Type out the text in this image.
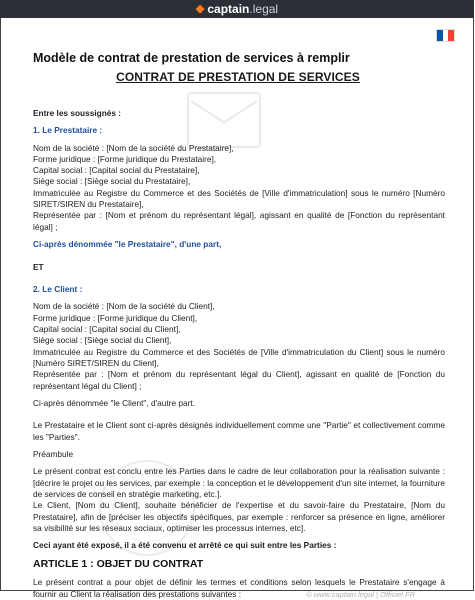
◆ captain.legal
Modèle de contrat de prestation de services à remplir
CONTRAT DE PRESTATION DE SERVICES

Entre les soussignés :

1. Le Prestataire :

Nom de la société : [Nom de la société du Prestataire],

Forme juridique : [Forme juridique du Prestataire],

Capital social : [Capital social du Prestataire],

Siège social : [Siège social du Prestataire],

Immatriculée au Registre du Commerce et des Sociétés de [Ville d'immatriculation] sous le numéro [Numéro SIRET/SIREN du Prestataire],

Représentée par : [Nom et prénom du représentant légal], agissant en qualité de [Fonction du représentant légal] ;

Ci-après dénommée "le Prestataire", d'une part,

ET

2. Le Client :

Nom de la société : [Nom de la société du Client],

Forme juridique : [Forme juridique du Client],

Capital social : [Capital social du Client],

Siège social : [Siège social du Client],

Immatriculée au Registre du Commerce et des Sociétés de [Ville d'immatriculation du Client] sous le numéro [Numéro SIRET/SIREN du Client],

Représentée par : [Nom et prénom du représentant légal du Client], agissant en qualité de [Fonction du représentant légal du Client] ;

Ci-après dénommée "le Client", d'autre part.

Le Prestataire et le Client sont ci-après désignés individuellement comme une "Partie" et collectivement comme les "Parties".

Préambule

Le présent contrat est conclu entre les Parties dans le cadre de leur collaboration pour la réalisation suivante : [décrire le projet ou les services, par exemple : la conception et le développement d'un site internet, la fourniture de services de conseil en stratégie marketing, etc.].

Le Client, [Nom du Client], souhaite bénéficier de l'expertise et du savoir-faire du Prestataire, [Nom du Prestataire], afin de [préciser les objectifs spécifiques, par exemple : renforcer sa présence en ligne, améliorer sa visibilité sur les réseaux sociaux, optimiser les processus internes, etc].

Ceci ayant été exposé, il a été convenu et arrêté ce qui suit entre les Parties :

ARTICLE 1 : OBJET DU CONTRAT

Le présent contrat a pour objet de définir les termes et conditions selon lesquels le Prestataire s'engage à fournir au Client la réalisation des prestations suivantes :	© www.captain.legal | Officiel FR
